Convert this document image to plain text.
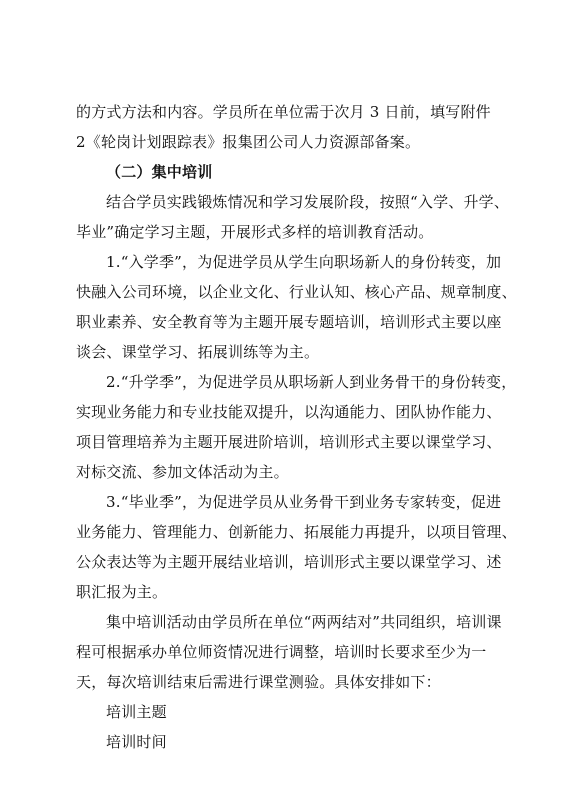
的方式方法和内容。学员所在单位需于次月 3 日前，填写附件
2《轮岗计划跟踪表》报集团公司人力资源部备案。
（二）集中培训
结合学员实践锻炼情况和学习发展阶段，按照“入学、升学、
毕业”确定学习主题，开展形式多样的培训教育活动。
1.“入学季”，为促进学员从学生向职场新人的身份转变，加
快融入公司环境，以企业文化、行业认知、核心产品、规章制度、
职业素养、安全教育等为主题开展专题培训，培训形式主要以座
谈会、课堂学习、拓展训练等为主。
2.“升学季”，为促进学员从职场新人到业务骨干的身份转变，
实现业务能力和专业技能双提升，以沟通能力、团队协作能力、
项目管理培养为主题开展进阶培训，培训形式主要以课堂学习、
对标交流、参加文体活动为主。
3.“毕业季”，为促进学员从业务骨干到业务专家转变，促进
业务能力、管理能力、创新能力、拓展能力再提升，以项目管理、
公众表达等为主题开展结业培训，培训形式主要以课堂学习、述
职汇报为主。
集中培训活动由学员所在单位“两两结对”共同组织，培训课
程可根据承办单位师资情况进行调整，培训时长要求至少为一
天，每次培训结束后需进行课堂测验。具体安排如下：
培训主题
培训时间
